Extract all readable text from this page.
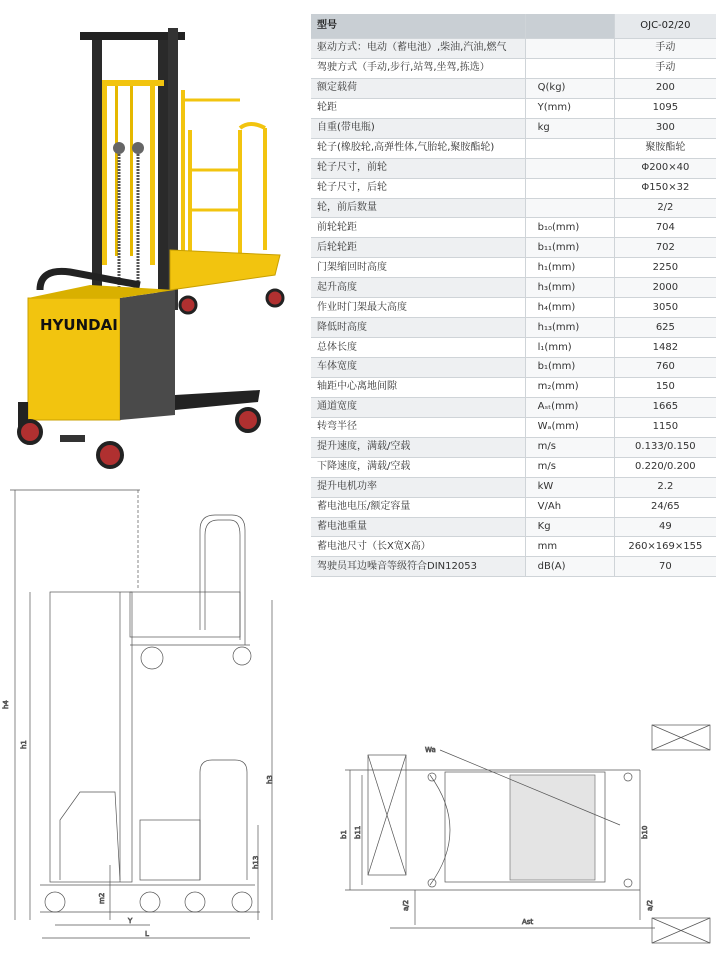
HYUNDAI
型号		OJC-02/20
驱动方式：电动（蓄电池）,柴油,汽油,燃气		手动
驾驶方式（手动,步行,站驾,坐驾,拣选）		手动
额定载荷	Q(kg)	200
轮距	Y(mm)	1095
自重(带电瓶)	kg	300
轮子(橡胶轮,高弹性体,气胎轮,聚胺酯轮)		聚胺酯轮
轮子尺寸，前轮		Φ200×40
轮子尺寸，后轮		Φ150×32
轮，前后数量		2/2
前轮轮距	b₁₀(mm)	704
后轮轮距	b₁₁(mm)	702
门架缩回时高度	h₁(mm)	2250
起升高度	h₃(mm)	2000
作业时门架最大高度	h₄(mm)	3050
降低时高度	h₁₃(mm)	625
总体长度	l₁(mm)	1482
车体宽度	b₁(mm)	760
轴距中心离地间隙	m₂(mm)	150
通道宽度	Aₛₜ(mm)	1665
转弯半径	Wₐ(mm)	1150
提升速度，满载/空载	m/s	0.133/0.150
下降速度，满载/空载	m/s	0.220/0.200
提升电机功率	kW	2.2
蓄电池电压/额定容量	V/Ah	24/65
蓄电池重量	Kg	49
蓄电池尺寸（长X宽X高）	mm	260×169×155
驾驶员耳边噪音等级符合DIN12053	dB(A)	70
h4
h1
h3
h13
m2
Y
L
Wa
b1 b11	b10
a/2	a/2
Ast
